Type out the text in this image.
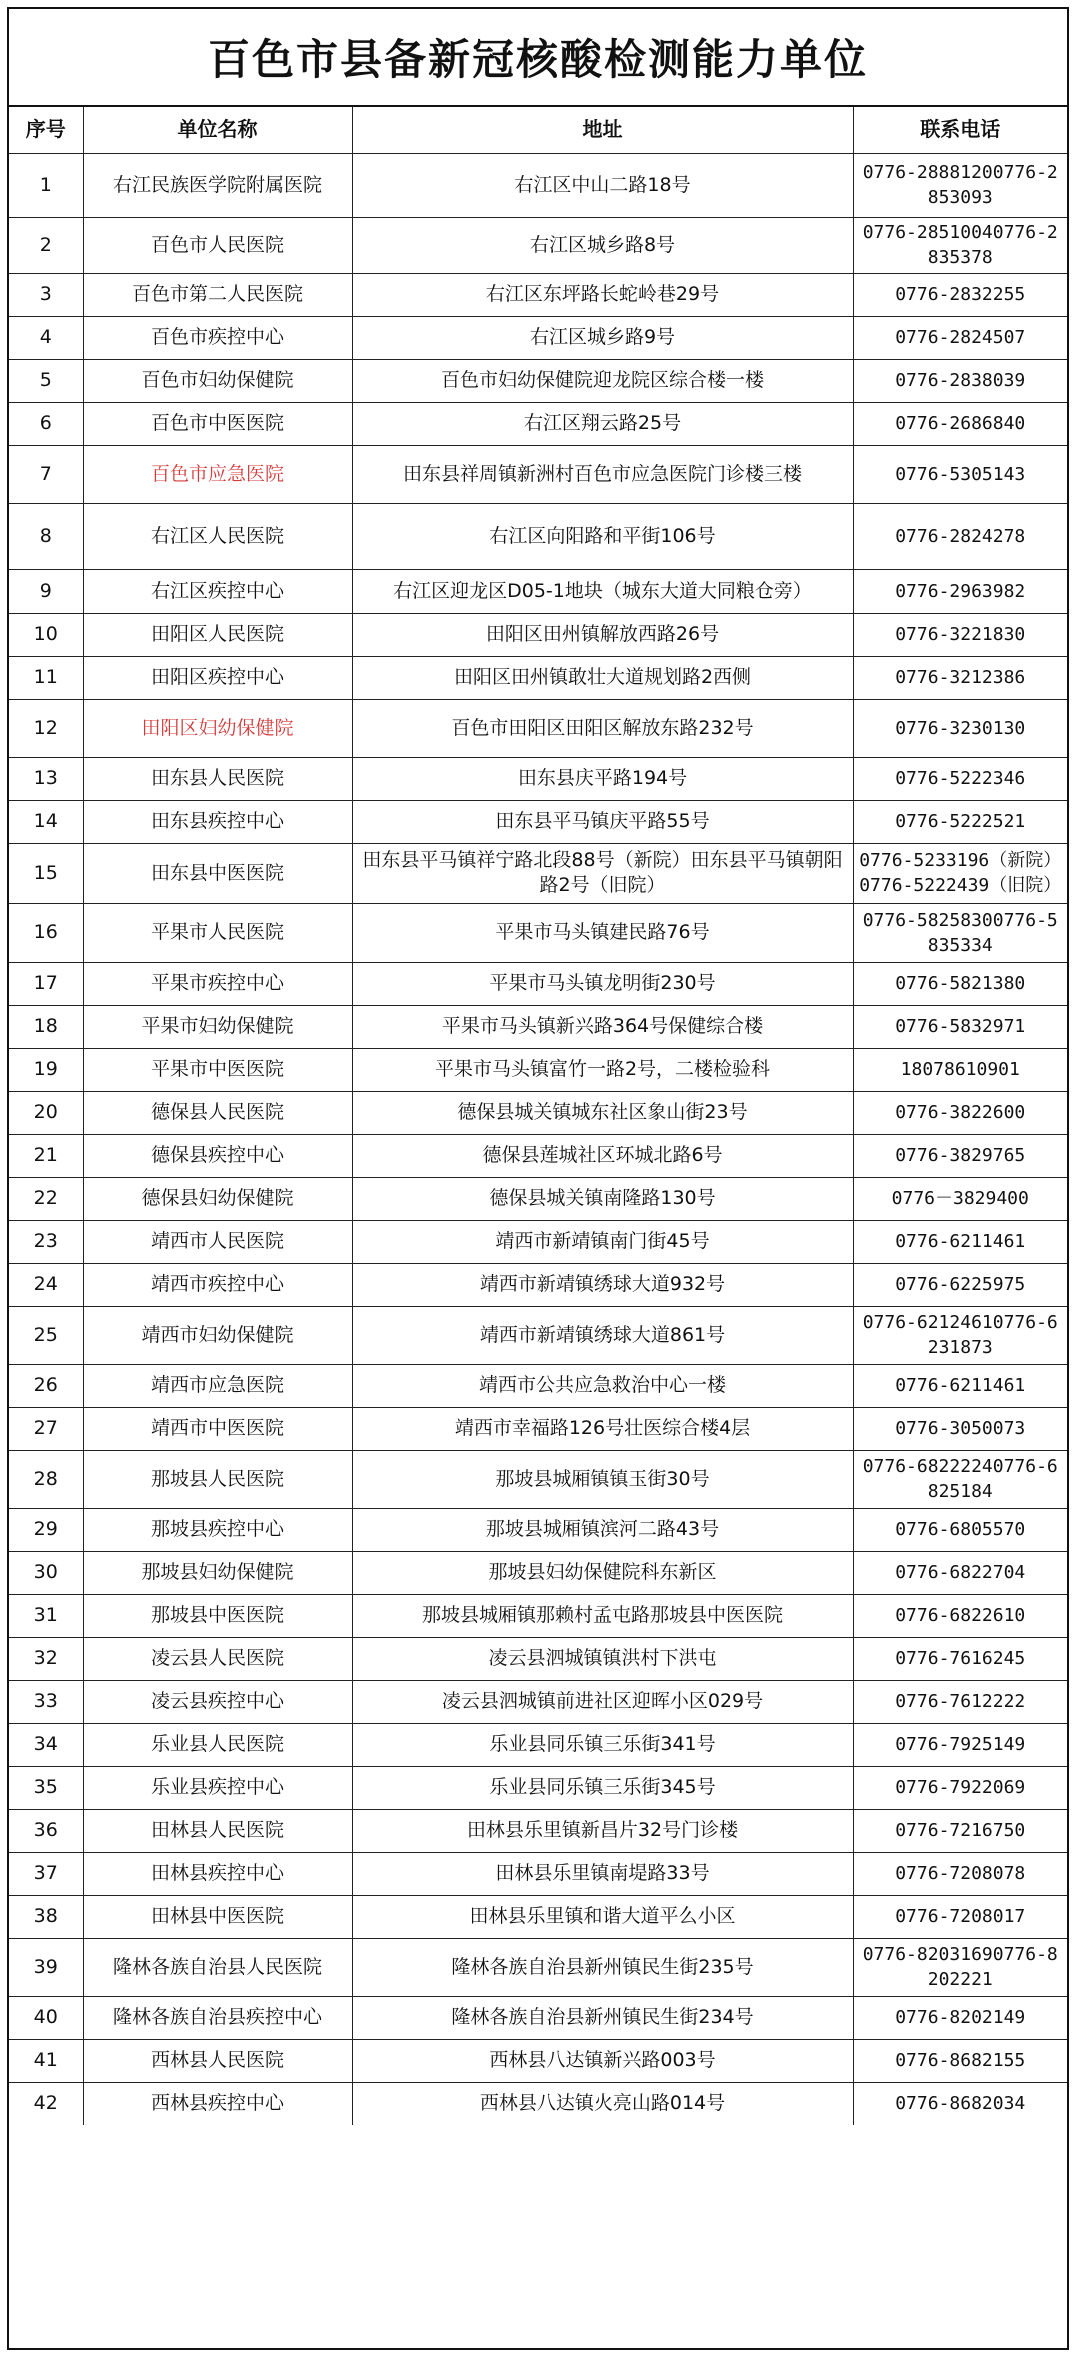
百色市县备新冠核酸检测能力单位
序号	单位名称	地址	联系电话
1	右江民族医学院附属医院	右江区中山二路18号	0776-28881200776-2853093
2	百色市人民医院	右江区城乡路8号	0776-28510040776-2835378
3	百色市第二人民医院	右江区东坪路长蛇岭巷29号	0776-2832255
4	百色市疾控中心	右江区城乡路9号	0776-2824507
5	百色市妇幼保健院	百色市妇幼保健院迎龙院区综合楼一楼	0776-2838039
6	百色市中医医院	右江区翔云路25号	0776-2686840
7	百色市应急医院	田东县祥周镇新洲村百色市应急医院门诊楼三楼	0776-5305143
8	右江区人民医院	右江区向阳路和平街106号	0776-2824278
9	右江区疾控中心	右江区迎龙区D05-1地块（城东大道大同粮仓旁）	0776-2963982
10	田阳区人民医院	田阳区田州镇解放西路26号	0776-3221830
11	田阳区疾控中心	田阳区田州镇敢壮大道规划路2西侧	0776-3212386
12	田阳区妇幼保健院	百色市田阳区田阳区解放东路232号	0776-3230130
13	田东县人民医院	田东县庆平路194号	0776-5222346
14	田东县疾控中心	田东县平马镇庆平路55号	0776-5222521
15	田东县中医医院	田东县平马镇祥宁路北段88号（新院）田东县平马镇朝阳路2号（旧院）	0776-5233196（新院）0776-5222439（旧院）
16	平果市人民医院	平果市马头镇建民路76号	0776-58258300776-5835334
17	平果市疾控中心	平果市马头镇龙明街230号	0776-5821380
18	平果市妇幼保健院	平果市马头镇新兴路364号保健综合楼	0776-5832971
19	平果市中医医院	平果市马头镇富竹一路2号，二楼检验科	18078610901
20	德保县人民医院	德保县城关镇城东社区象山街23号	0776-3822600
21	德保县疾控中心	德保县莲城社区环城北路6号	0776-3829765
22	德保县妇幼保健院	德保县城关镇南隆路130号	0776－3829400
23	靖西市人民医院	靖西市新靖镇南门街45号	0776-6211461
24	靖西市疾控中心	靖西市新靖镇绣球大道932号	0776-6225975
25	靖西市妇幼保健院	靖西市新靖镇绣球大道861号	0776-62124610776-6231873
26	靖西市应急医院	靖西市公共应急救治中心一楼	0776-6211461
27	靖西市中医医院	靖西市幸福路126号壮医综合楼4层	0776-3050073
28	那坡县人民医院	那坡县城厢镇镇玉街30号	0776-68222240776-6825184
29	那坡县疾控中心	那坡县城厢镇滨河二路43号	0776-6805570
30	那坡县妇幼保健院	那坡县妇幼保健院科东新区	0776-6822704
31	那坡县中医医院	那坡县城厢镇那赖村孟屯路那坡县中医医院	0776-6822610
32	凌云县人民医院	凌云县泗城镇镇洪村下洪屯	0776-7616245
33	凌云县疾控中心	凌云县泗城镇前进社区迎晖小区029号	0776-7612222
34	乐业县人民医院	乐业县同乐镇三乐街341号	0776-7925149
35	乐业县疾控中心	乐业县同乐镇三乐街345号	0776-7922069
36	田林县人民医院	田林县乐里镇新昌片32号门诊楼	0776-7216750
37	田林县疾控中心	田林县乐里镇南堤路33号	0776-7208078
38	田林县中医医院	田林县乐里镇和谐大道平么小区	0776-7208017
39	隆林各族自治县人民医院	隆林各族自治县新州镇民生街235号	0776-82031690776-8202221
40	隆林各族自治县疾控中心	隆林各族自治县新州镇民生街234号	0776-8202149
41	西林县人民医院	西林县八达镇新兴路003号	0776-8682155
42	西林县疾控中心	西林县八达镇火亮山路014号	0776-8682034
